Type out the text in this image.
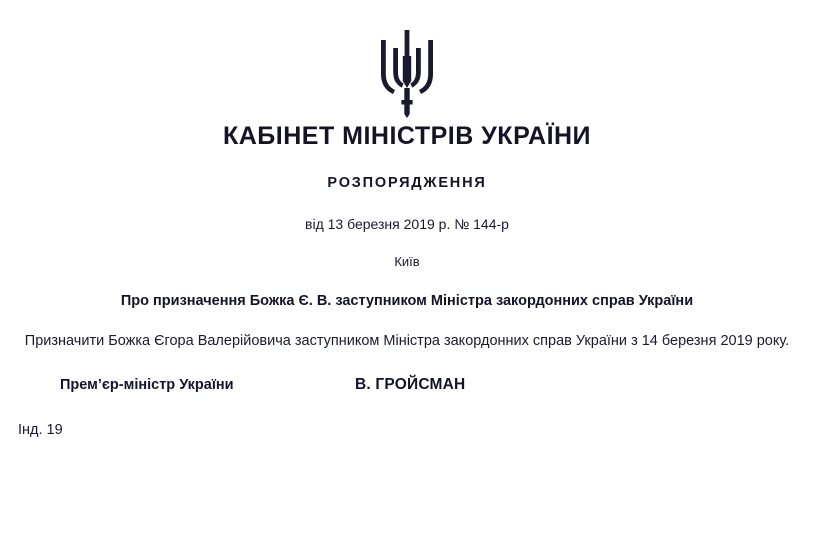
КАБІНЕТ МІНІСТРІВ УКРАЇНИ
РОЗПОРЯДЖЕННЯ
від 13 березня 2019 р. № 144-р
Київ
Про призначення Божка Є. В. заступником Міністра закордонних справ України
Призначити Божка Єгора Валерійовича заступником Міністра закордонних справ України з 14 березня 2019 року.
Прем’єр-міністр України	В. ГРОЙСМАН
Інд. 19
